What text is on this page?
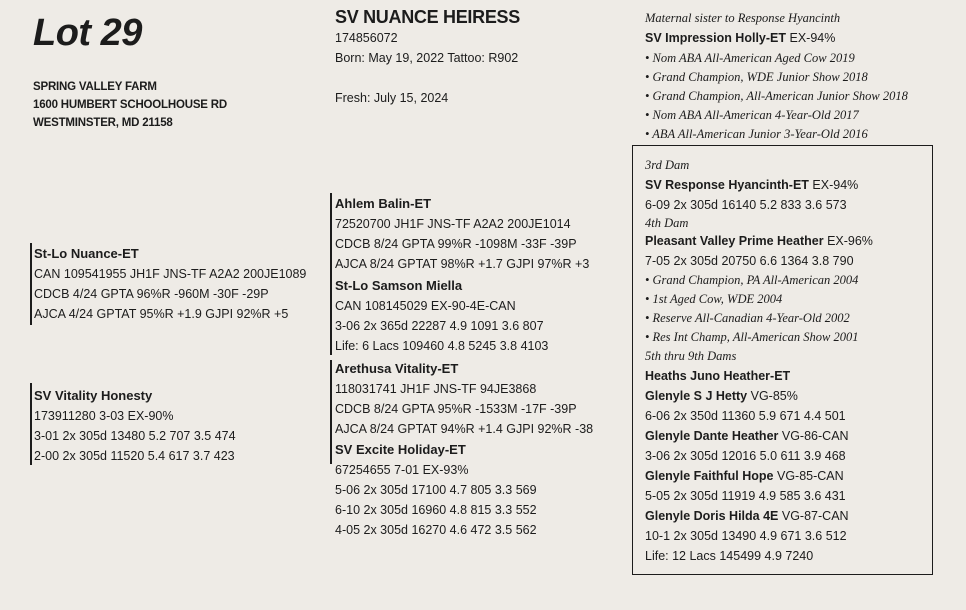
Lot 29
SPRING VALLEY FARM
1600 HUMBERT SCHOOLHOUSE RD
WESTMINSTER, MD 21158
SV NUANCE HEIRESS
174856072
Born: May 19, 2022 Tattoo: R902
Fresh: July 15, 2024
St-Lo Nuance-ET
CAN 109541955 JH1F JNS-TF A2A2 200JE1089
CDCB 4/24 GPTA 96%R -960M -30F -29P
AJCA 4/24 GPTAT 95%R +1.9 GJPI 92%R +5
SV Vitality Honesty
173911280 3-03 EX-90%
3-01 2x 305d 13480 5.2 707 3.5 474
2-00 2x 305d 11520 5.4 617 3.7 423
Ahlem Balin-ET
72520700 JH1F JNS-TF A2A2 200JE1014
CDCB 8/24 GPTA 99%R -1098M -33F -39P
AJCA 8/24 GPTAT 98%R +1.7 GJPI 97%R +3
St-Lo Samson Miella
CAN 108145029 EX-90-4E-CAN
3-06 2x 365d 22287 4.9 1091 3.6 807
Life: 6 Lacs 109460 4.8 5245 3.8 4103
Arethusa Vitality-ET
118031741 JH1F JNS-TF 94JE3868
CDCB 8/24 GPTA 95%R -1533M -17F -39P
AJCA 8/24 GPTAT 94%R +1.4 GJPI 92%R -38
SV Excite Holiday-ET
67254655 7-01 EX-93%
5-06 2x 305d 17100 4.7 805 3.3 569
6-10 2x 305d 16960 4.8 815 3.3 552
4-05 2x 305d 16270 4.6 472 3.5 562
Maternal sister to Response Hyancinth
SV Impression Holly-ET EX-94%
• Nom ABA All-American Aged Cow 2019
• Grand Champion, WDE Junior Show 2018
• Grand Champion, All-American Junior Show 2018
• Nom ABA All-American 4-Year-Old 2017
• ABA All-American Junior 3-Year-Old 2016
3rd Dam
SV Response Hyancinth-ET EX-94%
6-09 2x 305d 16140 5.2 833 3.6 573
4th Dam
Pleasant Valley Prime Heather EX-96%
7-05 2x 305d 20750 6.6 1364 3.8 790
• Grand Champion, PA All-American 2004
• 1st Aged Cow, WDE 2004
• Reserve All-Canadian 4-Year-Old 2002
• Res Int Champ, All-American Show 2001
5th thru 9th Dams
Heaths Juno Heather-ET
Glenyle S J Hetty VG-85%
6-06 2x 350d 11360 5.9 671 4.4 501
Glenyle Dante Heather VG-86-CAN
3-06 2x 305d 12016 5.0 611 3.9 468
Glenyle Faithful Hope VG-85-CAN
5-05 2x 305d 11919 4.9 585 3.6 431
Glenyle Doris Hilda 4E VG-87-CAN
10-1 2x 305d 13490 4.9 671 3.6 512
Life: 12 Lacs 145499 4.9 7240
